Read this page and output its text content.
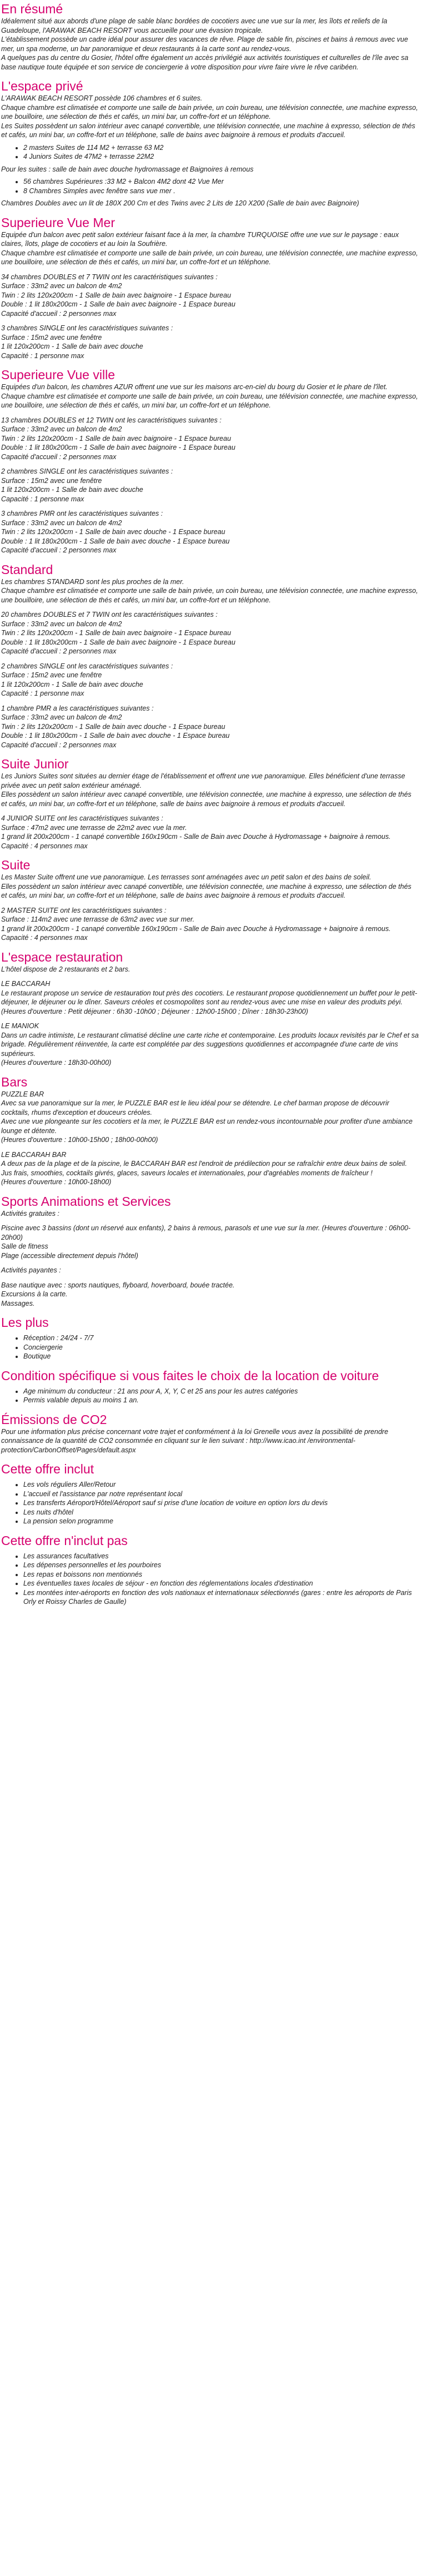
En résumé

Idéalement situé aux abords d'une plage de sable blanc bordées de cocotiers avec une vue sur la mer, les îlots et reliefs de la Guadeloupe, l'ARAWAK BEACH RESORT vous accueille pour une évasion tropicale.

L'établissement possède un cadre idéal pour assurer des vacances de rêve. Plage de sable fin, piscines et bains à remous avec vue mer, un spa moderne, un bar panoramique et deux restaurants à la carte sont au rendez-vous.

A quelques pas du centre du Gosier, l'hôtel offre également un accès privilégié aux activités touristiques et culturelles de l'île avec sa base nautique toute équipée et son service de conciergerie à votre disposition pour vivre faire vivre le rêve caribéen.

L'espace privé

L'ARAWAK BEACH RESORT possède 106 chambres et 6 suites.

Chaque chambre est climatisée et comporte une salle de bain privée, un coin bureau, une télévision connectée, une machine expresso, une bouilloire, une sélection de thés et cafés, un mini bar, un coffre-fort et un téléphone.

Les Suites possèdent un salon intérieur avec canapé convertible, une télévision connectée, une machine à expresso, sélection de thés et cafés, un mini bar, un coffre-fort et un téléphone, salle de bains avec baignoire à remous et produits d'accueil.

• 2 masters Suites de 114 M2 + terrasse 63 M2
• 4 Juniors Suites de 47M2 + terrasse 22M2

Pour les suites : salle de bain avec douche hydromassage et Baignoires à remous

• 56 chambres Supérieures :33 M2 + Balcon 4M2 dont 42 Vue Mer
• 8 Chambres Simples avec fenêtre sans vue mer .

Chambres Doubles avec un lit de 180X 200 Cm et des Twins avec 2 Lits de 120 X200 (Salle de bain avec Baignoire)

Superieure Vue Mer

Equipée d'un balcon avec petit salon extérieur faisant face à la mer, la chambre TURQUOISE offre une vue sur le paysage : eaux claires, îlots, plage de cocotiers et au loin la Soufrière.

Chaque chambre est climatisée et comporte une salle de bain privée, un coin bureau, une télévision connectée, une machine expresso, une bouilloire, une sélection de thés et cafés, un mini bar, un coffre-fort et un téléphone.

34 chambres DOUBLES et 7 TWIN ont les caractéristiques suivantes :

Surface : 33m2 avec un balcon de 4m2

Twin : 2 lits 120x200cm - 1 Salle de bain avec baignoire - 1 Espace bureau

Double : 1 lit 180x200cm - 1 Salle de bain avec baignoire - 1 Espace bureau

Capacité d'accueil : 2 personnes max

3 chambres SINGLE ont les caractéristiques suivantes :

Surface : 15m2 avec une fenêtre

1 lit 120x200cm - 1 Salle de bain avec douche

Capacité : 1 personne max

Superieure Vue ville

Equipées d'un balcon, les chambres AZUR offrent une vue sur les maisons arc-en-ciel du bourg du Gosier et le phare de l'îlet.

Chaque chambre est climatisée et comporte une salle de bain privée, un coin bureau, une télévision connectée, une machine expresso, une bouilloire, une sélection de thés et cafés, un mini bar, un coffre-fort et un téléphone.

13 chambres DOUBLES et 12 TWIN ont les caractéristiques suivantes :

Surface : 33m2 avec un balcon de 4m2

Twin : 2 lits 120x200cm - 1 Salle de bain avec baignoire - 1 Espace bureau

Double : 1 lit 180x200cm - 1 Salle de bain avec baignoire - 1 Espace bureau

Capacité d'accueil : 2 personnes max

2 chambres SINGLE ont les caractéristiques suivantes :

Surface : 15m2 avec une fenêtre

1 lit 120x200cm - 1 Salle de bain avec douche

Capacité : 1 personne max

3 chambres PMR ont les caractéristiques suivantes :

Surface : 33m2 avec un balcon de 4m2

Twin : 2 lits 120x200cm - 1 Salle de bain avec douche - 1 Espace bureau

Double : 1 lit 180x200cm - 1 Salle de bain avec douche - 1 Espace bureau

Capacité d'accueil : 2 personnes max

Standard

Les chambres STANDARD sont les plus proches de la mer.

Chaque chambre est climatisée et comporte une salle de bain privée, un coin bureau, une télévision connectée, une machine expresso, une bouilloire, une sélection de thés et cafés, un mini bar, un coffre-fort et un téléphone.

20 chambres DOUBLES et 7 TWIN ont les caractéristiques suivantes :

Surface : 33m2 avec un balcon de 4m2

Twin : 2 lits 120x200cm - 1 Salle de bain avec baignoire - 1 Espace bureau

Double : 1 lit 180x200cm - 1 Salle de bain avec baignoire - 1 Espace bureau

Capacité d'accueil : 2 personnes max

2 chambres SINGLE ont les caractéristiques suivantes :

Surface : 15m2 avec une fenêtre

1 lit 120x200cm - 1 Salle de bain avec douche

Capacité : 1 personne max

1 chambre PMR a les caractéristiques suivantes :

Surface : 33m2 avec un balcon de 4m2

Twin : 2 lits 120x200cm - 1 Salle de bain avec douche - 1 Espace bureau

Double : 1 lit 180x200cm - 1 Salle de bain avec douche - 1 Espace bureau

Capacité d'accueil : 2 personnes max

Suite Junior

Les Juniors Suites sont situées au dernier étage de l'établissement et offrent une vue panoramique. Elles bénéficient d'une terrasse privée avec un petit salon extérieur aménagé.

Elles possèdent un salon intérieur avec canapé convertible, une télévision connectée, une machine à expresso, une sélection de thés et cafés, un mini bar, un coffre-fort et un téléphone, salle de bains avec baignoire à remous et produits d'accueil.

4 JUNIOR SUITE ont les caractéristiques suivantes :

Surface : 47m2 avec une terrasse de 22m2 avec vue la mer.

1 grand lit 200x200cm - 1 canapé convertible 160x190cm - Salle de Bain avec Douche à Hydromassage + baignoire à remous.

Capacité : 4 personnes max

Suite

Les Master Suite offrent une vue panoramique. Les terrasses sont aménagées avec un petit salon et des bains de soleil.

Elles possèdent un salon intérieur avec canapé convertible, une télévision connectée, une machine à expresso, une sélection de thés et cafés, un mini bar, un coffre-fort et un téléphone, salle de bains avec baignoire à remous et produits d'accueil.

2 MASTER SUITE ont les caractéristiques suivantes :

Surface : 114m2 avec une terrasse de 63m2 avec vue sur mer.

1 grand lit 200x200cm - 1 canapé convertible 160x190cm - Salle de Bain avec Douche à Hydromassage + baignoire à remous.

Capacité : 4 personnes max

L'espace restauration

L'hôtel dispose de 2 restaurants et 2 bars.

LE BACCARAH

Le restaurant propose un service de restauration tout près des cocotiers. Le restaurant propose quotidiennement un buffet pour le petit-déjeuner, le déjeuner ou le dîner. Saveurs créoles et cosmopolites sont au rendez-vous avec une mise en valeur des produits péyi.

(Heures d'ouverture : Petit déjeuner : 6h30 -10h00 ; Déjeuner : 12h00-15h00 ; Dîner : 18h30-23h00)

LE MANIOK

Dans un cadre intimiste, Le restaurant climatisé décline une carte riche et contemporaine. Les produits locaux revisités par le Chef et sa brigade. Régulièrement réinventée, la carte est complétée par des suggestions quotidiennes et accompagnée d'une carte de vins supérieurs.

(Heures d'ouverture : 18h30-00h00)

Bars

PUZZLE BAR

Avec sa vue panoramique sur la mer, le PUZZLE BAR est le lieu idéal pour se détendre. Le chef barman propose de découvrir cocktails, rhums d'exception et douceurs créoles.

Avec une vue plongeante sur les cocotiers et la mer, le PUZZLE BAR est un rendez-vous incontournable pour profiter d'une ambiance lounge et détente.

(Heures d'ouverture : 10h00-15h00 ; 18h00-00h00)

LE BACCARAH BAR

A deux pas de la plage et de la piscine, le BACCARAH BAR est l'endroit de prédilection pour se rafraîchir entre deux bains de soleil. Jus frais, smoothies, cocktails givrés, glaces, saveurs locales et internationales, pour d'agréables moments de fraîcheur !

(Heures d'ouverture : 10h00-18h00)

Sports Animations et Services

Activités gratuites :

Piscine avec 3 bassins (dont un réservé aux enfants), 2 bains à remous, parasols et une vue sur la mer. (Heures d'ouverture : 06h00-20h00)

Salle de fitness

Plage (accessible directement depuis l'hôtel)

Activités payantes :

Base nautique avec : sports nautiques, flyboard, hoverboard, bouée tractée.

Excursions à la carte.

Massages.

Les plus
• Réception : 24/24 - 7/7
• Conciergerie
• Boutique
Condition spécifique si vous faites le choix de la location de voiture
• Age minimum du conducteur : 21 ans pour A, X, Y, C et 25 ans pour les autres catégories
• Permis valable depuis au moins 1 an.
Émissions de CO2

Pour une information plus précise concernant votre trajet et conformément à la loi Grenelle vous avez la possibilité de prendre connaissance de la quantité de CO2 consommée en cliquant sur le lien suivant : http://www.icao.int /environmental-protection/CarbonOffset/Pages/default.aspx

Cette offre inclut
• Les vols réguliers Aller/Retour
• L'accueil et l'assistance par notre représentant local
• Les transferts Aéroport/Hôtel/Aéroport sauf si prise d'une location de voiture en option lors du devis
• Les nuits d'hôtel
• La pension selon programme
Cette offre n'inclut pas
• Les assurances facultatives
• Les dépenses personnelles et les pourboires
• Les repas et boissons non mentionnés
• Les éventuelles taxes locales de séjour - en fonction des réglementations locales d'destination
• Les montées inter-aéroports en fonction des vols nationaux et internationaux sélectionnés (gares : entre les aéroports de Paris Orly et Roissy Charles de Gaulle)
